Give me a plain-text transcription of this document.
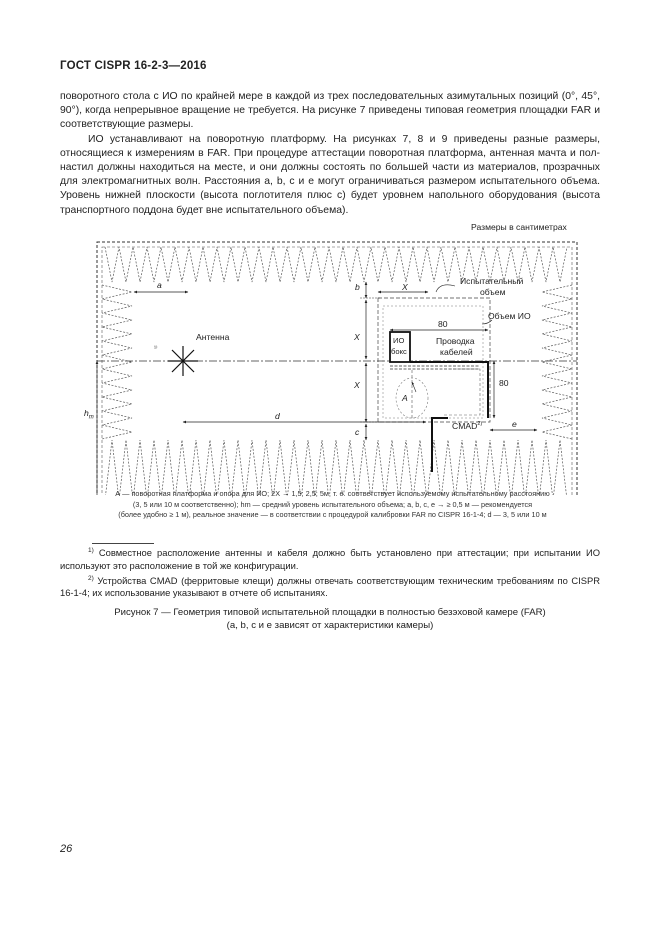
ГОСТ CISPR 16-2-3—2016

поворотного стола с ИО по крайней мере в каждой из трех последовательных азимутальных позиций (0°, 45°, 90°), когда непрерывное вращение не требуется. На рисунке 7 приведены типовая геометрия площадки FAR и соответствующие размеры.

ИО устанавливают на поворотную платформу. На рисунках 7, 8 и 9 приведены разные размеры, относящиеся к измерениям в FAR. При процедуре аттестации поворотная платформа, антенная мачта и пол-настил должны находиться на месте, и они должны состоять по большей части из материалов, прозрачных для электромагнитных волн. Расстояния a, b, c и e могут ограничиваться размером испытательного объема. Уровень нижней плоскости (высота поглотителя плюс c) будет уровнем напольного оборудования (высота транспортного поддона будет вне испытательного объема).

Размеры в сантиметрах
a	b	X
X
X
c
d
e
$h_m$
A
Испытательный
объем
Объем ИО
Антенна
¹⁾
ИО
бокс
Проводка
кабелей
80
80
CMAD$^{2)}$

А — поворотная платформа и опора для ИО; 2X → 1,5; 2,5; 5м, т. е. соответствует используемому испытательному расстоянию

(3, 5 или 10 м соответственно); hm — средний уровень испытательного объема; a, b, c, e → ≥ 0,5 м — рекомендуется

(более удобно ≥ 1 м), реальное значение — в соответствии с процедурой калибровки FAR по CISPR 16-1-4; d — 3, 5 или 10 м

$^{1)}$ Совместное расположение антенны и кабеля должно быть установлено при аттестации; при испытании ИО используют это расположение в той же конфигурации.

$^{2)}$ Устройства CMAD (ферритовые клещи) должны отвечать соответствующим техническим требованиям по CISPR 16-1-4; их использование указывают в отчете об испытаниях.

Рисунок 7 — Геометрия типовой испытательной площадки в полностью безэховой камере (FAR)

(a, b, c и e зависят от характеристики камеры)

26
